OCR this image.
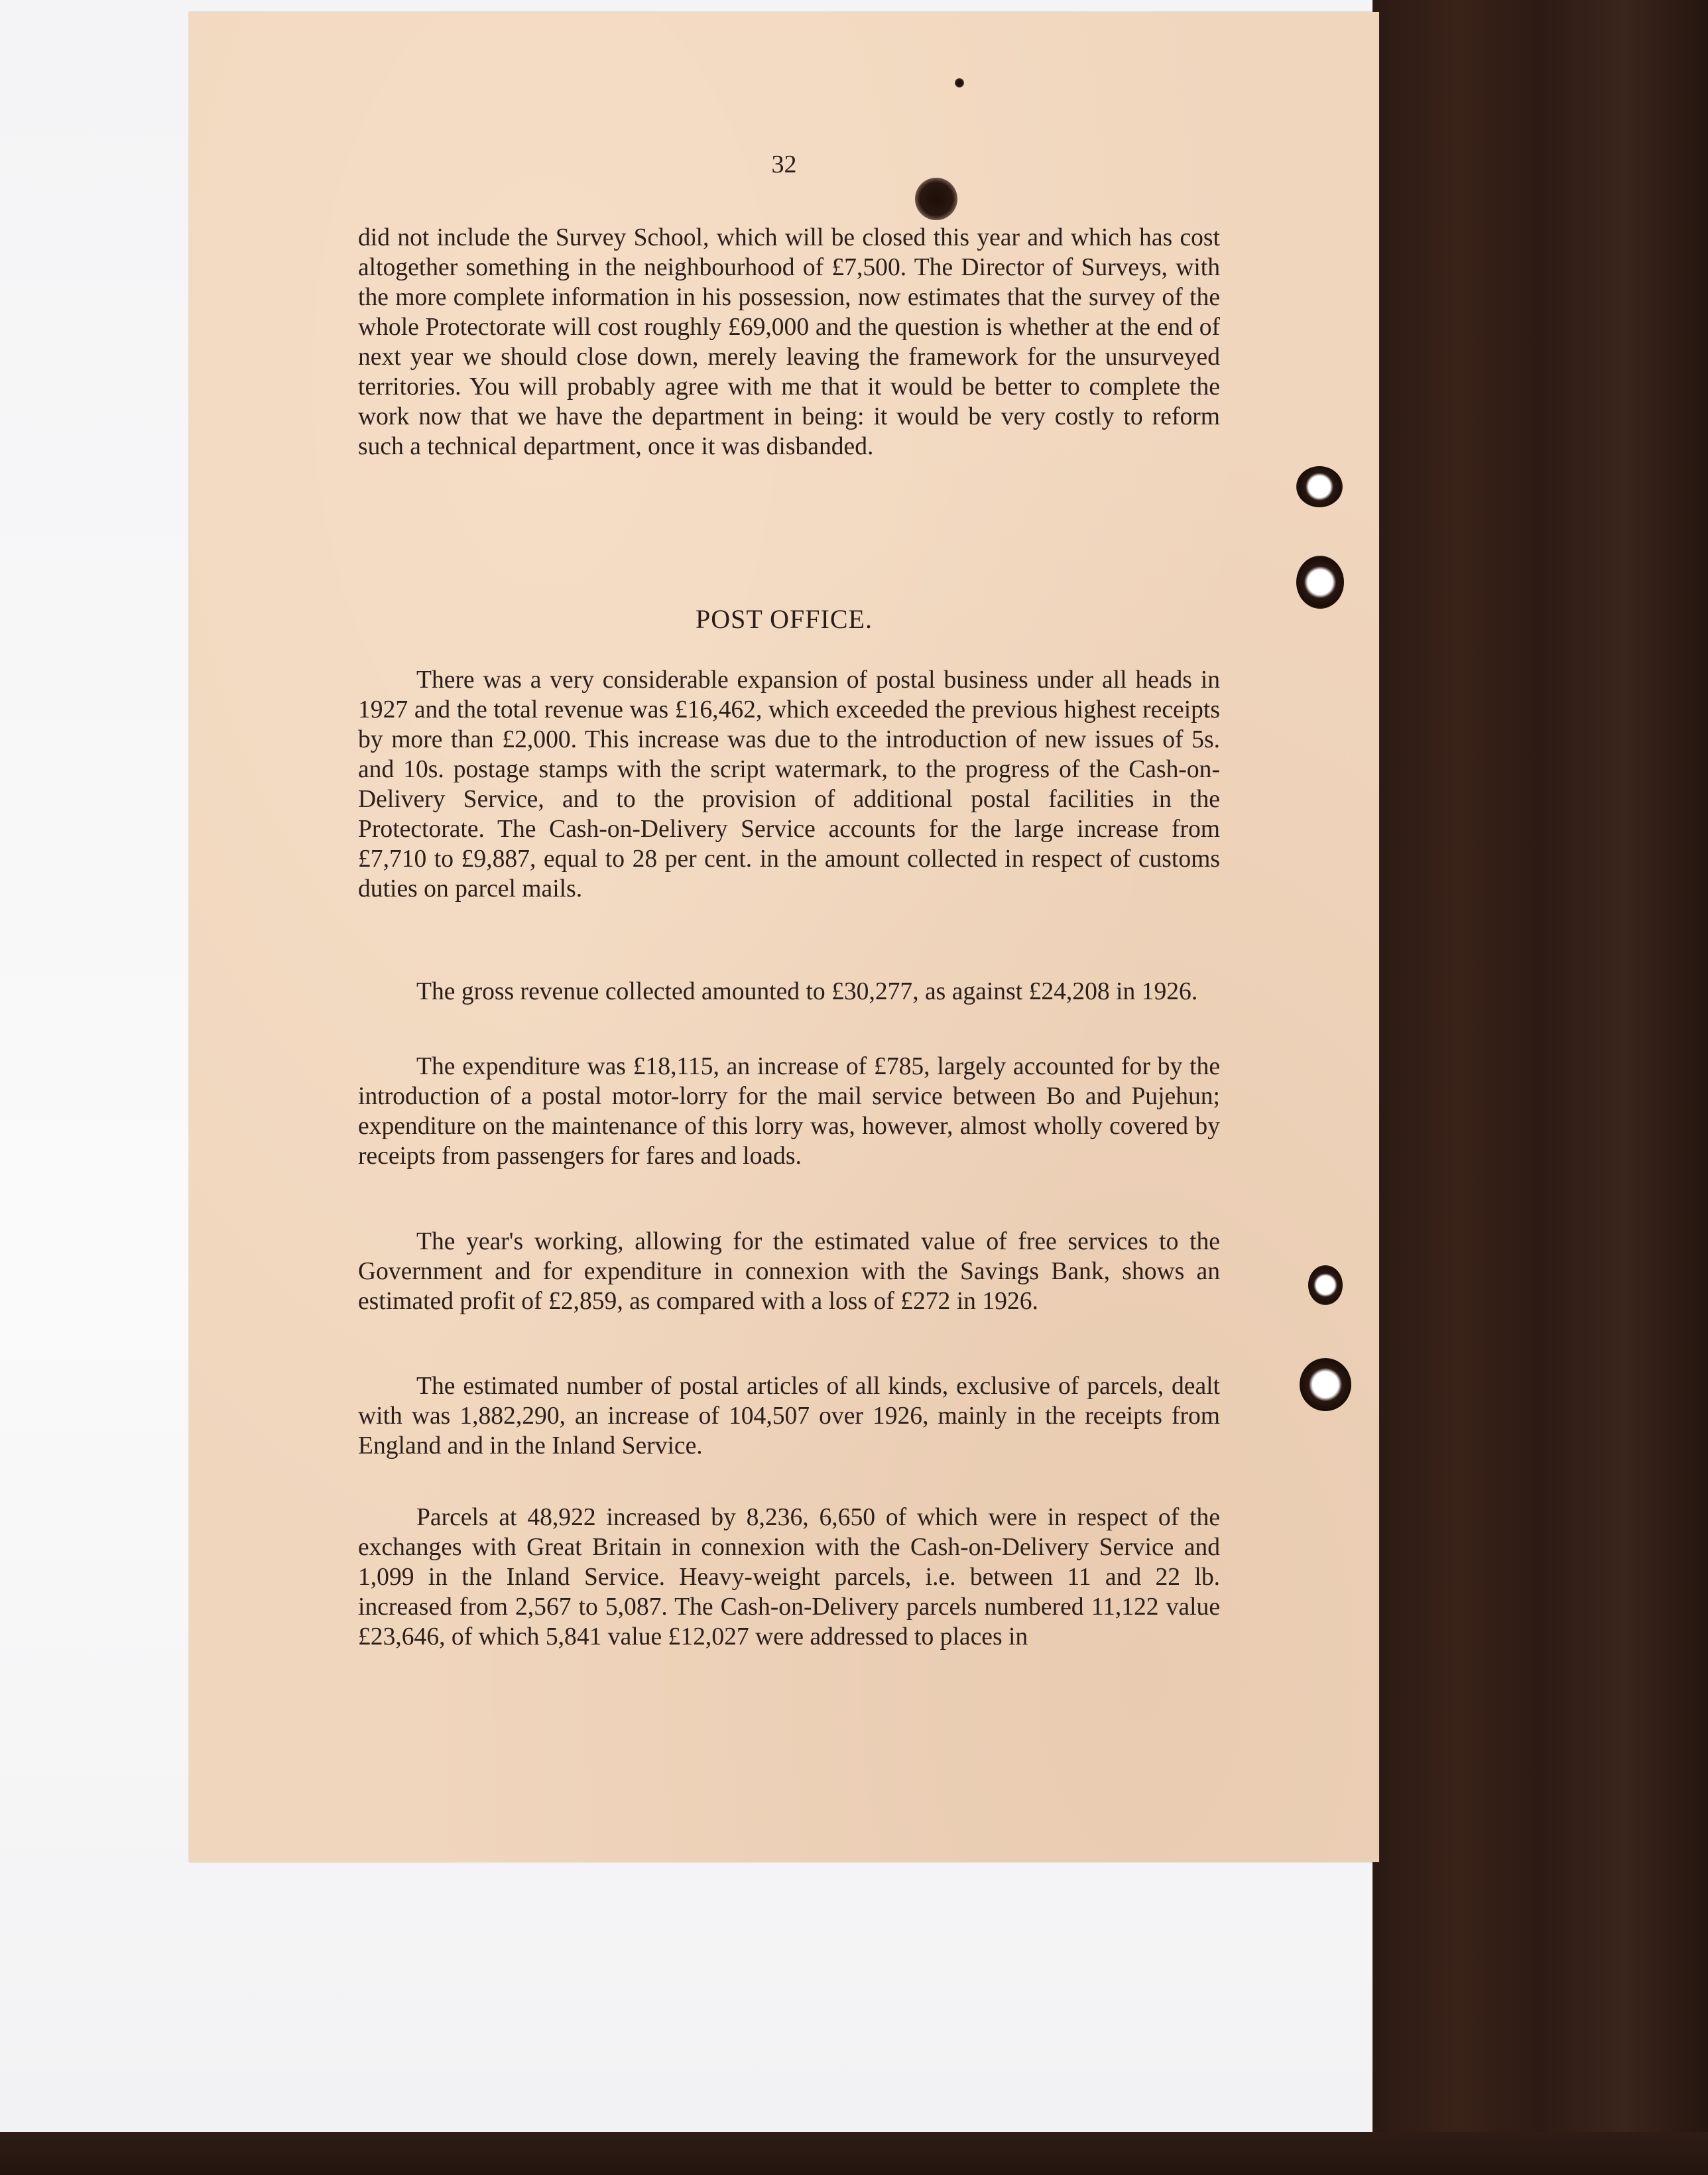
32

did not include the Survey School, which will be closed this year and which has cost altogether something in the neighbourhood of £7,500. The Director of Surveys, with the more complete information in his possession, now estimates that the survey of the whole Protectorate will cost roughly £69,000 and the question is whether at the end of next year we should close down, merely leaving the framework for the unsurveyed territories. You will probably agree with me that it would be better to complete the work now that we have the department in being: it would be very costly to reform such a technical department, once it was disbanded.

POST OFFICE.

There was a very considerable expansion of postal business under all heads in 1927 and the total revenue was £16,462, which exceeded the previous highest receipts by more than £2,000. This increase was due to the introduction of new issues of 5s. and 10s. postage stamps with the script watermark, to the progress of the Cash-on-Delivery Service, and to the provision of additional postal facilities in the Protectorate. The Cash-on-Delivery Service accounts for the large increase from £7,710 to £9,887, equal to 28 per cent. in the amount collected in respect of customs duties on parcel mails.

The gross revenue collected amounted to £30,277, as against £24,208 in 1926.

The expenditure was £18,115, an increase of £785, largely accounted for by the introduction of a postal motor-lorry for the mail service between Bo and Pujehun; expenditure on the maintenance of this lorry was, however, almost wholly covered by receipts from passengers for fares and loads.

The year's working, allowing for the estimated value of free services to the Government and for expenditure in connexion with the Savings Bank, shows an estimated profit of £2,859, as compared with a loss of £272 in 1926.

The estimated number of postal articles of all kinds, exclusive of parcels, dealt with was 1,882,290, an increase of 104,507 over 1926, mainly in the receipts from England and in the Inland Service.

Parcels at 48,922 increased by 8,236, 6,650 of which were in respect of the exchanges with Great Britain in connexion with the Cash-on-Delivery Service and 1,099 in the Inland Service. Heavy-weight parcels, i.e. between 11 and 22 lb. increased from 2,567 to 5,087. The Cash-on-Delivery parcels numbered 11,122 value £23,646, of which 5,841 value £12,027 were addressed to places in
